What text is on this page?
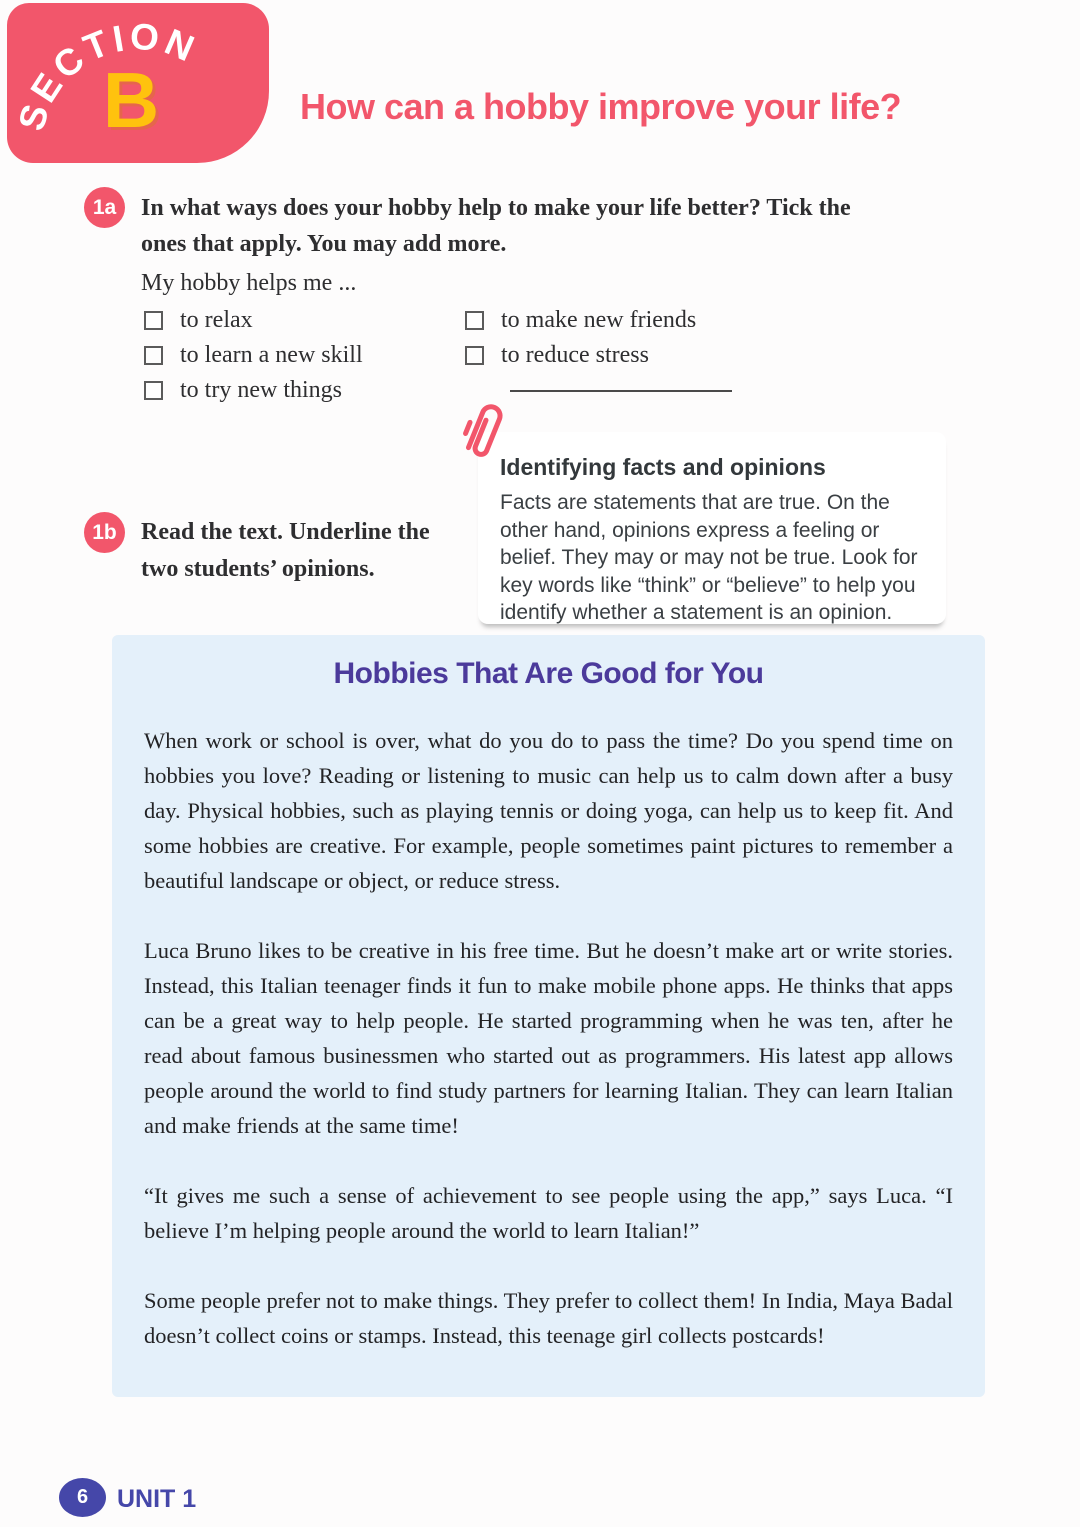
SECTION
B	How can a hobby improve your life?
1a	In what ways does your hobby help to make your life better? Tick the ones that apply. You may add more.
My hobby helps me ...
to relax
to learn a new skill
to try new things
to make new friends
to reduce stress
Identifying facts and opinions
Facts are statements that are true. On the other hand, opinions express a feeling or belief. They may or may not be true. Look for key words like “think” or “believe” to help you identify whether a statement is an opinion.
1b	Read the text. Underline the two students’ opinions.
Hobbies That Are Good for You

When work or school is over, what do you do to pass the time? Do you spend time on hobbies you love? Reading or listening to music can help us to calm down after a busy day. Physical hobbies, such as playing tennis or doing yoga, can help us to keep fit. And some hobbies are creative. For example, people sometimes paint pictures to remember a beautiful landscape or object, or reduce stress.

Luca Bruno likes to be creative in his free time. But he doesn’t make art or write stories. Instead, this Italian teenager finds it fun to make mobile phone apps. He thinks that apps can be a great way to help people. He started programming when he was ten, after he read about famous businessmen who started out as programmers. His latest app allows people around the world to find study partners for learning Italian. They can learn Italian and make friends at the same time!

“It gives me such a sense of achievement to see people using the app,” says Luca. “I believe I’m helping people around the world to learn Italian!”

Some people prefer not to make things. They prefer to collect them! In India, Maya Badal doesn’t collect coins or stamps. Instead, this teenage girl collects postcards!

6	UNIT 1
